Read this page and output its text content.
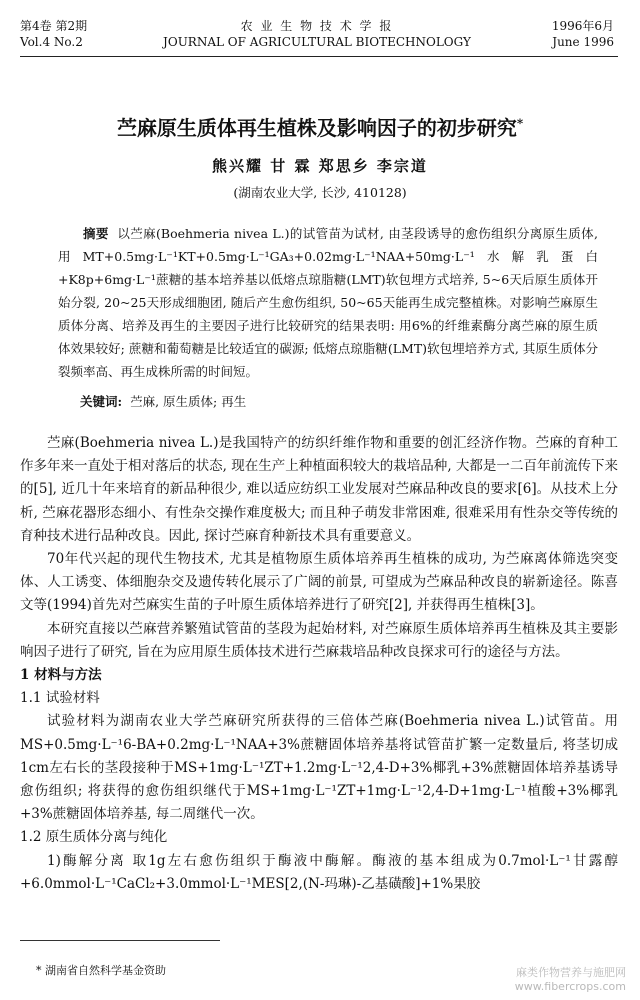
第4卷 第2期
Vol.4 No.2
农 业 生 物 技 术 学 报
JOURNAL OF AGRICULTURAL BIOTECHNOLOGY
1996年6月
June 1996
苎麻原生质体再生植株及影响因子的初步研究*
熊兴耀 甘 霖 郑思乡 李宗道
(湖南农业大学, 长沙, 410128)

摘要 以苎麻(Boehmeria nivea L.)的试管苗为试材, 由茎段诱导的愈伤组织分离原生质体, 用MT+0.5mg·L⁻¹KT+0.5mg·L⁻¹GA₃+0.02mg·L⁻¹NAA+50mg·L⁻¹水解乳蛋白+K8p+6mg·L⁻¹蔗糖的基本培养基以低熔点琼脂糖(LMT)软包埋方式培养, 5~6天后原生质体开始分裂, 20~25天形成细胞团, 随后产生愈伤组织, 50~65天能再生成完整植株。对影响苎麻原生质体分离、培养及再生的主要因子进行比较研究的结果表明: 用6%的纤维素酶分离苎麻的原生质体效果较好; 蔗糖和葡萄糖是比较适宜的碳源; 低熔点琼脂糖(LMT)软包埋培养方式, 其原生质体分裂频率高、再生成株所需的时间短。

关键词: 苎麻, 原生质体; 再生

苎麻(Boehmeria nivea L.)是我国特产的纺织纤维作物和重要的创汇经济作物。苎麻的育种工作多年来一直处于相对落后的状态, 现在生产上种植面积较大的栽培品种, 大都是一二百年前流传下来的[5], 近几十年来培育的新品种很少, 难以适应纺织工业发展对苎麻品种改良的要求[6]。从技术上分析, 苎麻花器形态细小、有性杂交操作难度极大; 而且种子萌发非常困难, 很难采用有性杂交等传统的育种技术进行品种改良。因此, 探讨苎麻育种新技术具有重要意义。

70年代兴起的现代生物技术, 尤其是植物原生质体培养再生植株的成功, 为苎麻离体筛选突变体、人工诱变、体细胞杂交及遗传转化展示了广阔的前景, 可望成为苎麻品种改良的崭新途径。陈喜文等(1994)首先对苎麻实生苗的子叶原生质体培养进行了研究[2], 并获得再生植株[3]。

本研究直接以苎麻营养繁殖试管苗的茎段为起始材料, 对苎麻原生质体培养再生植株及其主要影响因子进行了研究, 旨在为应用原生质体技术进行苎麻栽培品种改良探求可行的途径与方法。

1 材料与方法

1.1 试验材料

试验材料为湖南农业大学苎麻研究所获得的三倍体苎麻(Boehmeria nivea L.)试管苗。用MS+0.5mg·L⁻¹6-BA+0.2mg·L⁻¹NAA+3%蔗糖固体培养基将试管苗扩繁一定数量后, 将茎切成1cm左右长的茎段接种于MS+1mg·L⁻¹ZT+1.2mg·L⁻¹2,4-D+3%椰乳+3%蔗糖固体培养基诱导愈伤组织; 将获得的愈伤组织继代于MS+1mg·L⁻¹ZT+1mg·L⁻¹2,4-D+1mg·L⁻¹植酸+3%椰乳+3%蔗糖固体培养基, 每二周继代一次。

1.2 原生质体分离与纯化

1)酶解分离 取1g左右愈伤组织于酶液中酶解。酶液的基本组成为0.7mol·L⁻¹甘露醇+6.0mmol·L⁻¹CaCl₂+3.0mmol·L⁻¹MES[2,(N-玛琳)-乙基磺酸]+1%果胶

* 湖南省自然科学基金资助	麻类作物营养与施肥网
www.fibercrops.com
